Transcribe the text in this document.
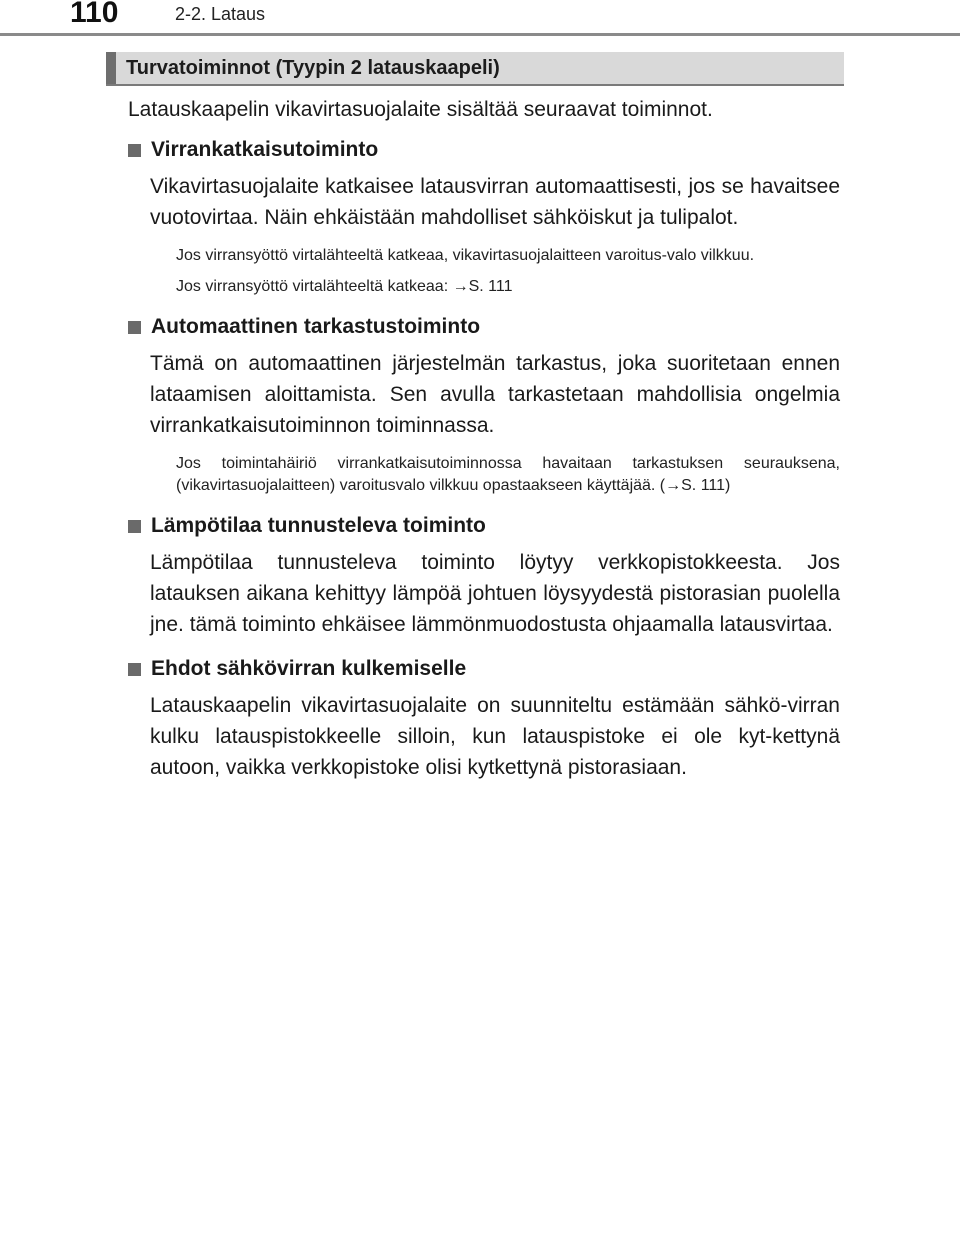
110	2-2. Lataus
Turvatoiminnot (Tyypin 2 latauskaapeli)

Latauskaapelin vikavirtasuojalaite sisältää seuraavat toiminnot.

Virrankatkaisutoiminto

Vikavirtasuojalaite katkaisee latausvirran automaattisesti, jos se havaitsee vuotovirtaa. Näin ehkäistään mahdolliset sähköiskut ja tulipalot.

Jos virransyöttö virtalähteeltä katkeaa, vikavirtasuojalaitteen varoitus-valo vilkkuu.

Jos virransyöttö virtalähteeltä katkeaa: →S. 111

Automaattinen tarkastustoiminto

Tämä on automaattinen järjestelmän tarkastus, joka suoritetaan ennen lataamisen aloittamista. Sen avulla tarkastetaan mahdollisia ongelmia virrankatkaisutoiminnon toiminnassa.

Jos toimintahäiriö virrankatkaisutoiminnossa havaitaan tarkastuksen seurauksena, (vikavirtasuojalaitteen) varoitusvalo vilkkuu opastaakseen käyttäjää. (→S. 111)

Lämpötilaa tunnusteleva toiminto

Lämpötilaa tunnusteleva toiminto löytyy verkkopistokkeesta. Jos latauksen aikana kehittyy lämpöä johtuen löysyydestä pistorasian puolella jne. tämä toiminto ehkäisee lämmönmuodostusta ohjaamalla latausvirtaa.

Ehdot sähkövirran kulkemiselle

Latauskaapelin vikavirtasuojalaite on suunniteltu estämään sähkö-virran kulku latauspistokkeelle silloin, kun latauspistoke ei ole kyt-kettynä autoon, vaikka verkkopistoke olisi kytkettynä pistorasiaan.
